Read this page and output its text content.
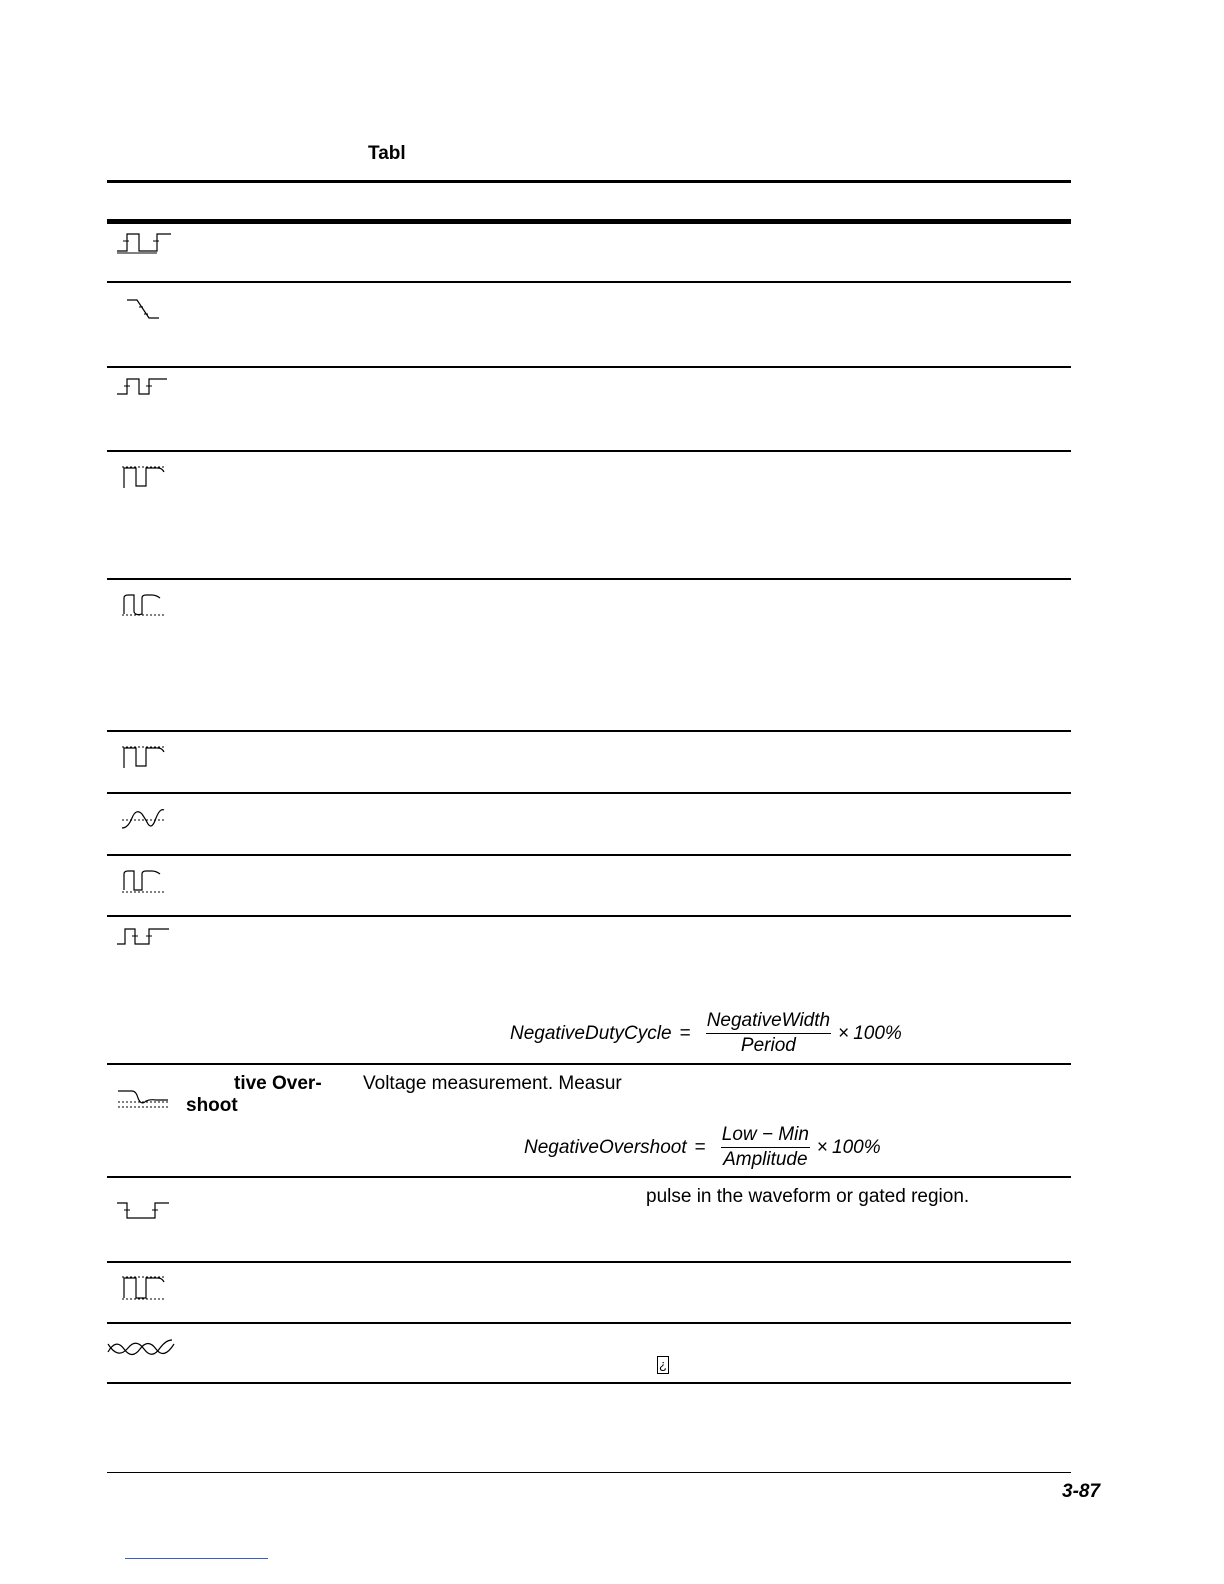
Tabl
NegativeDutyCycle = $\frac{\text{NegativeWidth}}{\text{Period}} \times 100\%$
tive Over-
shoot
Voltage measurement. Measur
NegativeOvershoot = $\frac{\text{Low − Min}}{\text{Amplitude}} \times 100\%$
pulse in the waveform or gated region.
¿
3-87
